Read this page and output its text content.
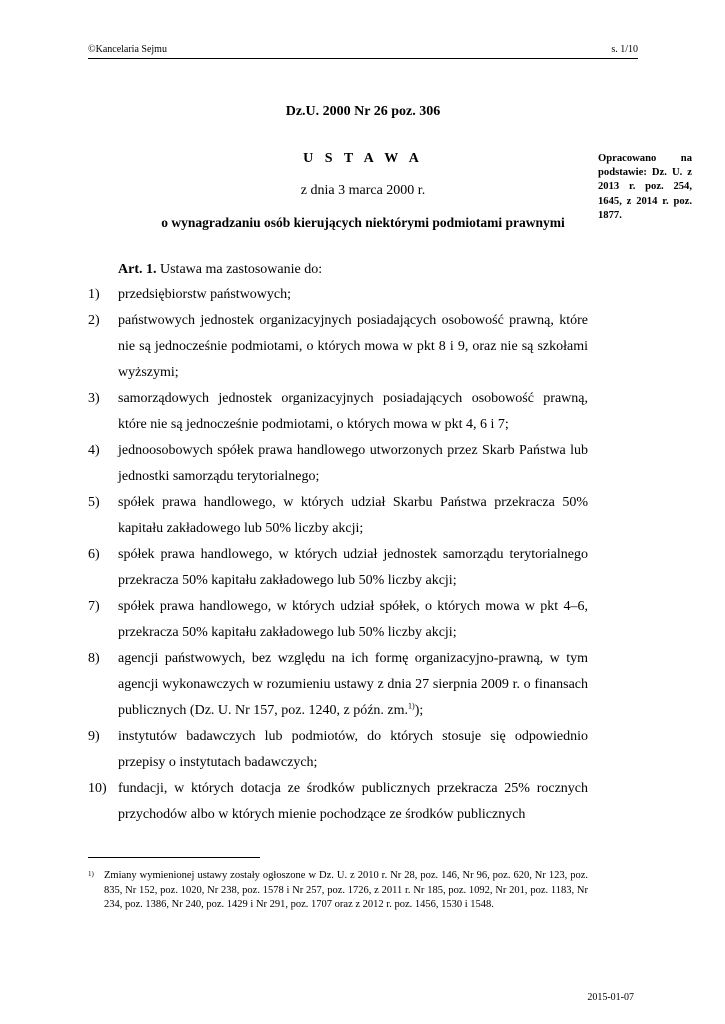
©Kancelaria Sejmu	s. 1/10
Dz.U. 2000 Nr 26 poz. 306
U S T A W A
z dnia 3 marca 2000 r.
o wynagradzaniu osób kierujących niektórymi podmiotami prawnymi
Opracowano na podstawie: Dz. U. z 2013 r. poz. 254, 1645, z 2014 r. poz. 1877.
Art. 1. Ustawa ma zastosowanie do:
1) przedsiębiorstw państwowych;
2) państwowych jednostek organizacyjnych posiadających osobowość prawną, które nie są jednocześnie podmiotami, o których mowa w pkt 8 i 9, oraz nie są szkołami wyższymi;
3) samorządowych jednostek organizacyjnych posiadających osobowość prawną, które nie są jednocześnie podmiotami, o których mowa w pkt 4, 6 i 7;
4) jednoosobowych spółek prawa handlowego utworzonych przez Skarb Państwa lub jednostki samorządu terytorialnego;
5) spółek prawa handlowego, w których udział Skarbu Państwa przekracza 50% kapitału zakładowego lub 50% liczby akcji;
6) spółek prawa handlowego, w których udział jednostek samorządu terytorialnego przekracza 50% kapitału zakładowego lub 50% liczby akcji;
7) spółek prawa handlowego, w których udział spółek, o których mowa w pkt 4–6, przekracza 50% kapitału zakładowego lub 50% liczby akcji;
8) agencji państwowych, bez względu na ich formę organizacyjno-prawną, w tym agencji wykonawczych w rozumieniu ustawy z dnia 27 sierpnia 2009 r. o finansach publicznych (Dz. U. Nr 157, poz. 1240, z późn. zm.$^{1)}$);
9) instytutów badawczych lub podmiotów, do których stosuje się odpowiednio przepisy o instytutach badawczych;
10) fundacji, w których dotacja ze środków publicznych przekracza 25% rocznych przychodów albo w których mienie pochodzące ze środków publicznych
1) Zmiany wymienionej ustawy zostały ogłoszone w Dz. U. z 2010 r. Nr 28, poz. 146, Nr 96, poz. 620, Nr 123, poz. 835, Nr 152, poz. 1020, Nr 238, poz. 1578 i Nr 257, poz. 1726, z 2011 r. Nr 185, poz. 1092, Nr 201, poz. 1183, Nr 234, poz. 1386, Nr 240, poz. 1429 i Nr 291, poz. 1707 oraz z 2012 r. poz. 1456, 1530 i 1548.
2015-01-07
